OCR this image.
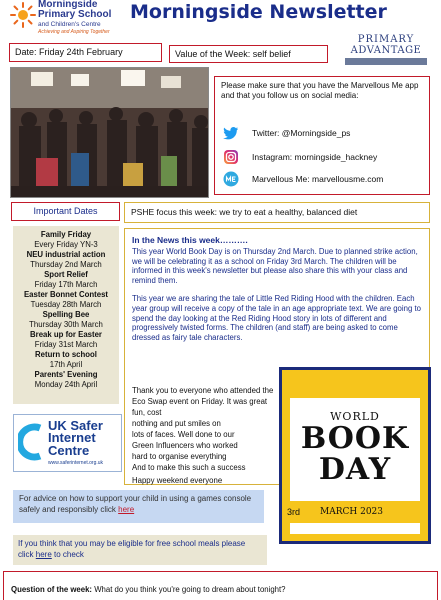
Morningside
Primary School
and Children's Centre
Achieving and Aspiring Together
Morningside Newsletter
Date: Friday 24th February	Value of the Week: self belief
PRIMARY
ADVANTAGE
Please make sure that you have the Marvellous Me app and that you follow us on social media:
Twitter: @Morningside_ps
Instagram: morningside_hackney
Marvellous Me: marvellousme.com
Important Dates	PSHE focus this week: we try to eat a healthy, balanced diet
Family Friday
Every Friday YN-3
NEU industrial action
Thursday 2nd March
Sport Relief
Friday 17th March
Easter Bonnet Contest
Tuesday 28th March
Spelling Bee
Thursday 30th March
Break up for Easter
Friday 31st March
Return to school
17th April
Parents' Evening
Monday 24th April
In the News this week……….
This year World Book Day is on Thursday 2nd March. Due to planned strike action, we will be celebrating it as a school on Friday 3rd March. The children will be informed in this week's newsletter but please also share this with your class and remind them.
This year we are sharing the tale of Little Red Riding Hood with the children. Each year group will receive a copy of the tale in an age appropriate text. We are going to spend the day looking at the Red Riding Hood story in lots of different and progressively twisted forms. The children (and staff) are being asked to come dressed as fairy tale characters.
Thank you to everyone who attended the Eco Swap event on Friday. It was great fun, cost
nothing and put smiles on
lots of faces. Well done to our
Green Influencers who worked
hard to organise everything
And to make this such a success
Happy weekend everyone
WORLD
BOOK
DAY
3rd MARCH 2023
UK Safer
Internet
Centre
www.saferinternet.org.uk
For advice on how to support your child in using a games console safely and responsibly click here
If you think that you may be eligible for free school meals please click here to check
Question of the week: What do you think you're going to dream about tonight?
